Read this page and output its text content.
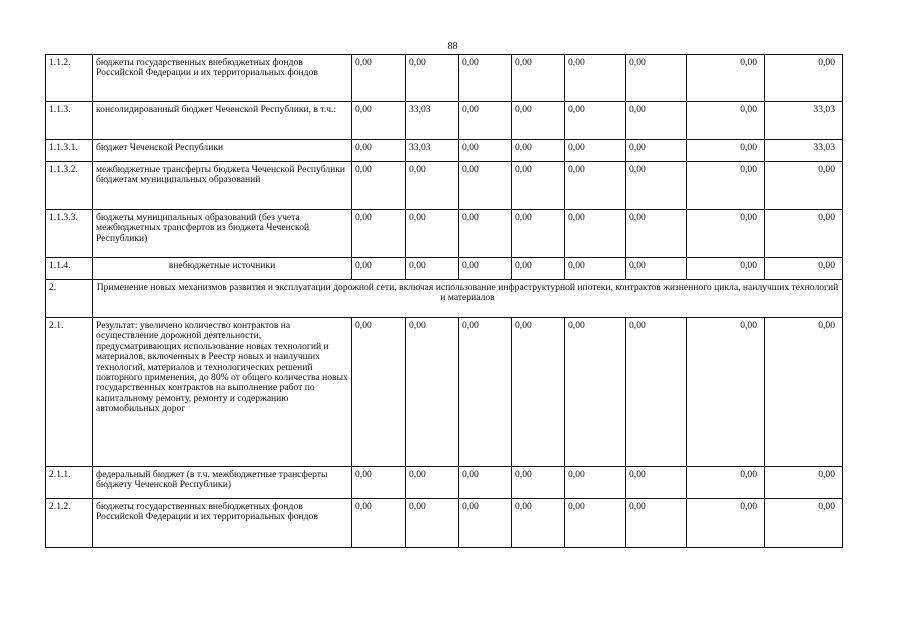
88
1.1.2.	бюджеты государственных внебюджетных фондов Российской Федерации и их территориальных фондов	0,00	0,00	0,00	0,00	0,00	0,00	0,00	0,00
1.1.3.	консолидированный бюджет Чеченской Республики, в т.ч.:	0,00	33,03	0,00	0,00	0,00	0,00	0,00	33,03
1.1.3.1.	бюджет Чеченской Республики	0,00	33,03	0,00	0,00	0,00	0,00	0,00	33,03
1.1.3.2.	межбюджетные трансферты бюджета Чеченской Республики бюджетам муниципальных образований	0,00	0,00	0,00	0,00	0,00	0,00	0,00	0,00
1.1.3.3.	бюджеты муниципальных образований (без учета межбюджетных трансфертов из бюджета Чеченской Республики)	0,00	0,00	0,00	0,00	0,00	0,00	0,00	0,00
1.1.4.	внебюджетные источники	0,00	0,00	0,00	0,00	0,00	0,00	0,00	0,00
2.	Применение новых механизмов развития и эксплуатации дорожной сети, включая использование инфраструктурной ипотеки, контрактов жизненного цикла, наилучших технологий и материалов								
2.1.	Результат: увеличено количество контрактов на осуществление дорожной деятельности, предусматривающих использование новых технологий и материалов, включенных в Реестр новых и наилучших технологий, материалов и технологических решений повторного применения, до 80% от общего количества новых государственных контрактов на выполнение работ по капитальному ремонту, ремонту и содержанию автомобильных дорог	0,00	0,00	0,00	0,00	0,00	0,00	0,00	0,00
2.1.1.	федеральный бюджет (в т.ч. межбюджетные трансферты бюджету Чеченской Республики)	0,00	0,00	0,00	0,00	0,00	0,00	0,00	0,00
2.1.2.	бюджеты государственных внебюджетных фондов Российской Федерации и их территориальных фондов	0,00	0,00	0,00	0,00	0,00	0,00	0,00	0,00
